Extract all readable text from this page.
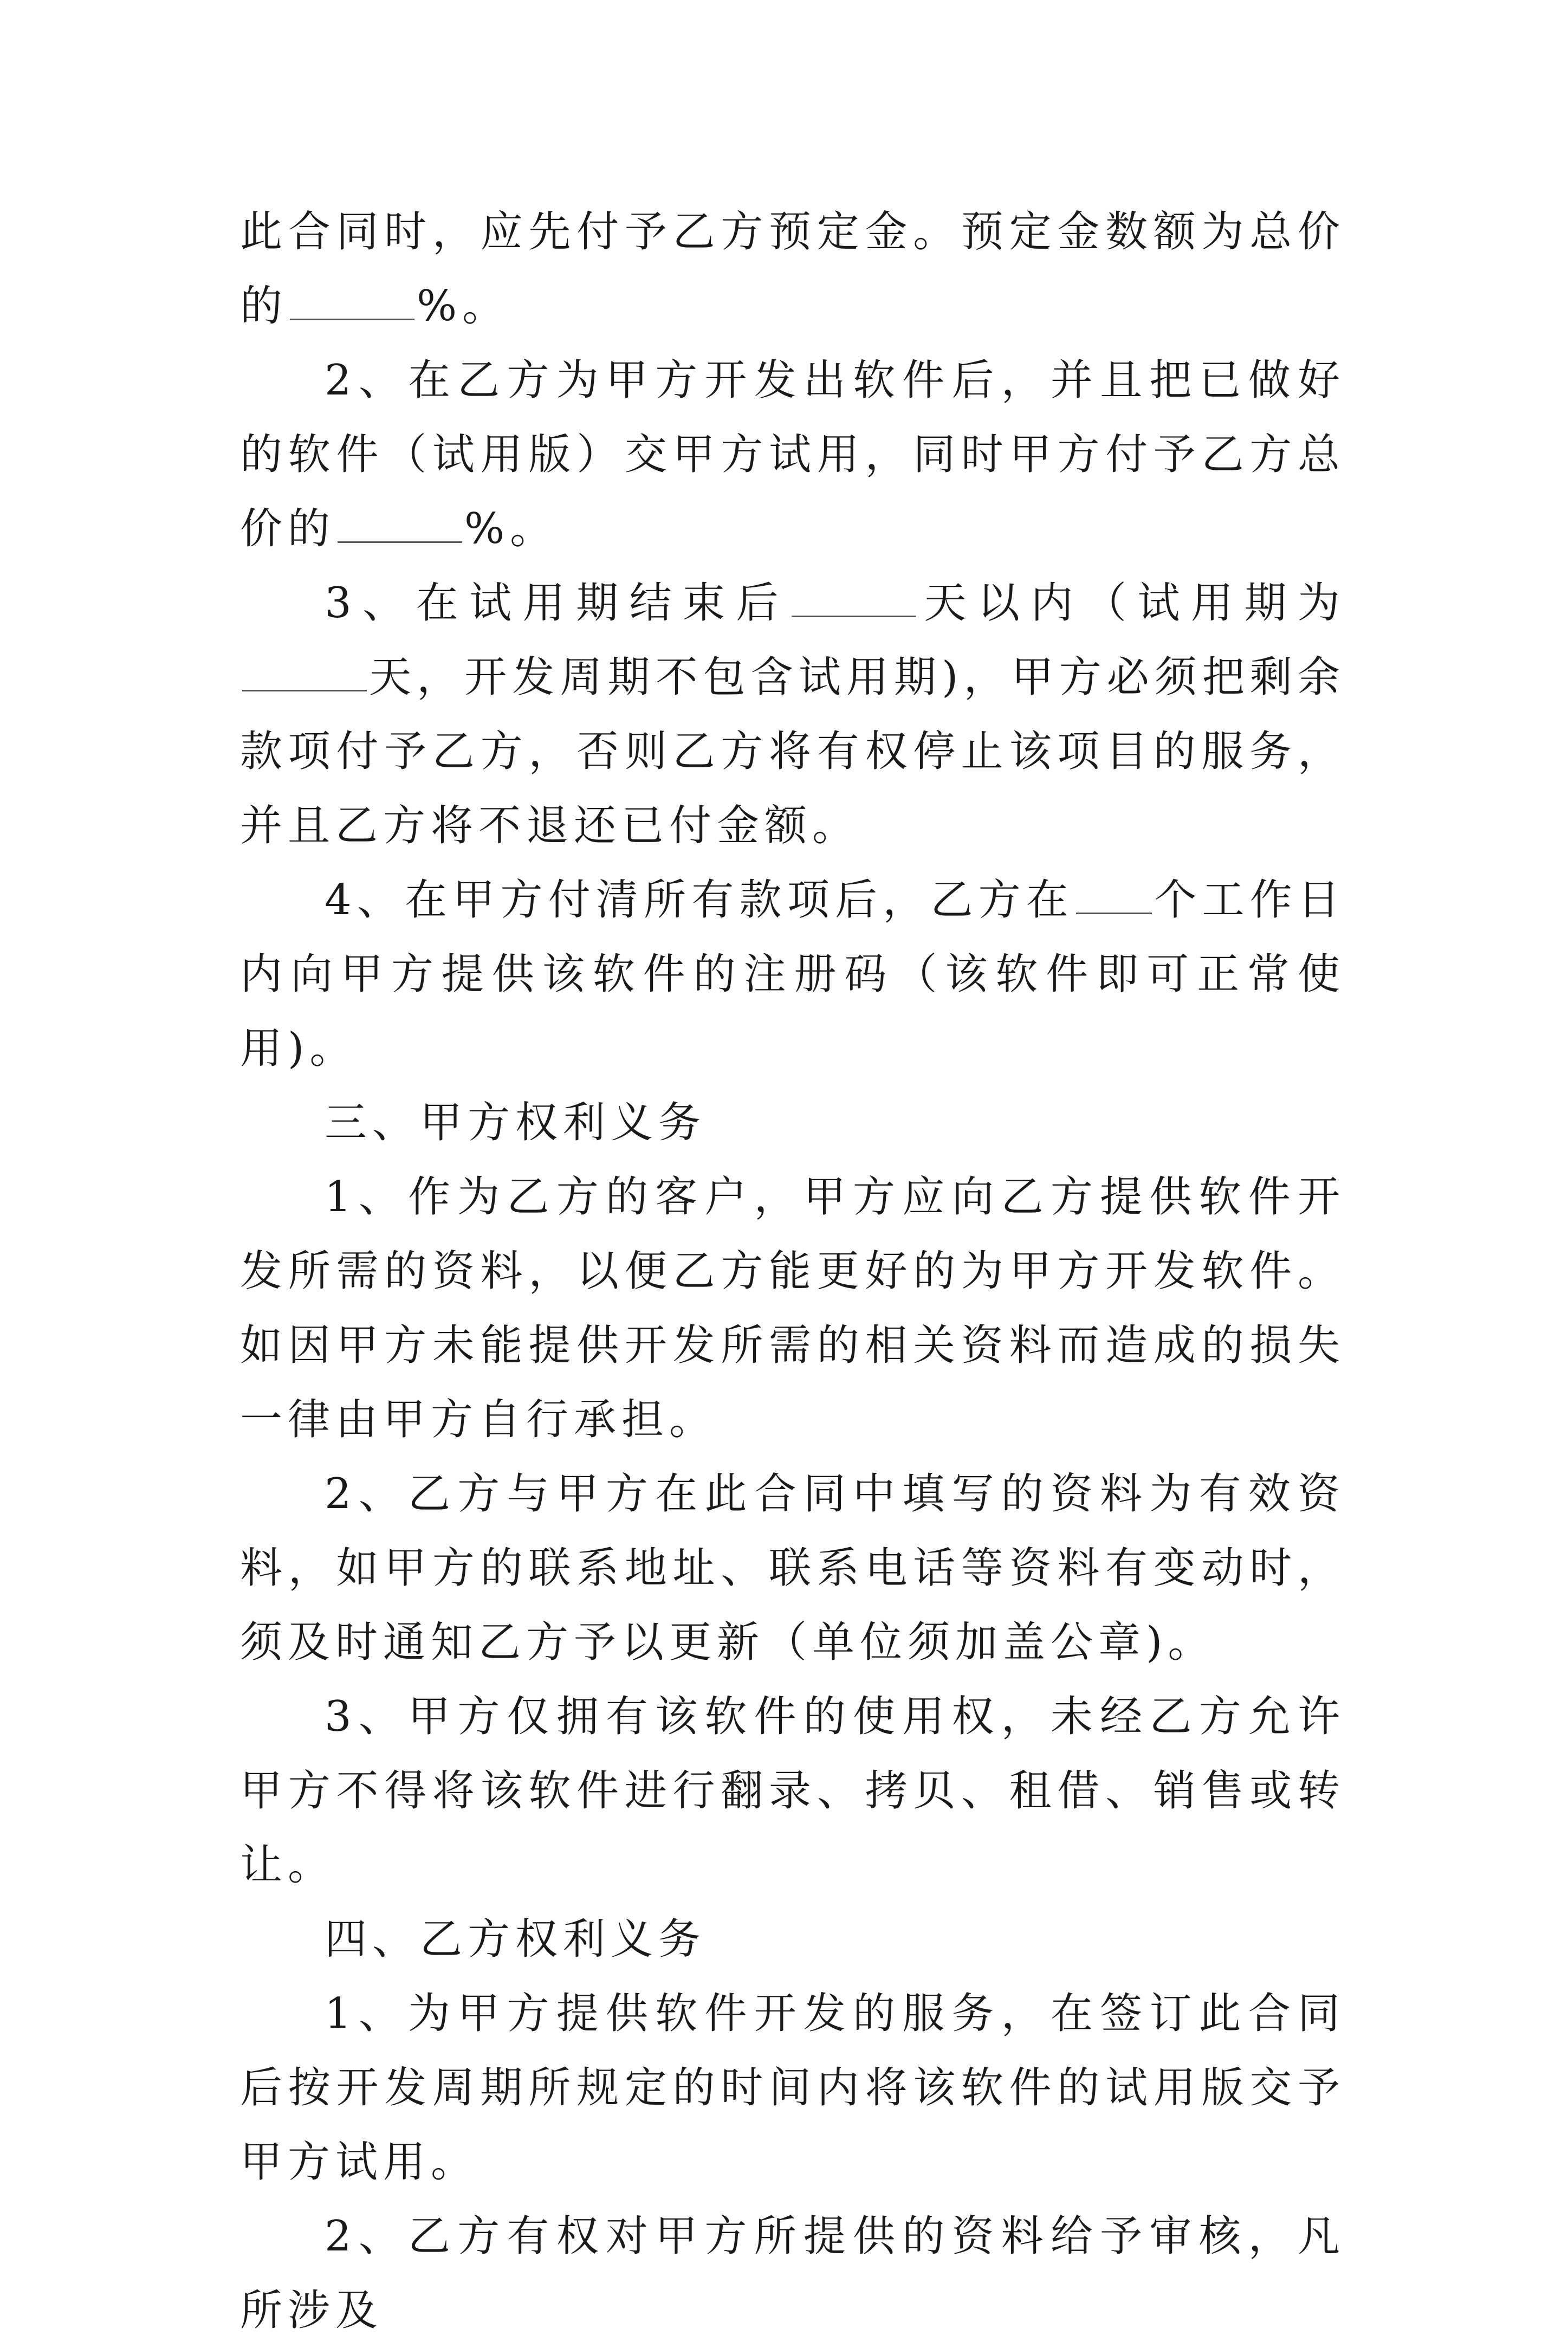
此合同时，应先付予乙方预定金。预定金数额为总价的	%。

2、在乙方为甲方开发出软件后，并且把已做好的软件（试用版）交甲方试用，同时甲方付予乙方总价的	%。

3、在试用期结束后	天以内（试用期为天，开发周期不包含试用期)，甲方必须把剩余款项付予乙方，否则乙方将有权停止该项目的服务，并且乙方将不退还已付金额。

4、在甲方付清所有款项后，乙方在 个工作日内向甲方提供该软件的注册码（该软件即可正常使用)。

三、甲方权利义务

1、作为乙方的客户，甲方应向乙方提供软件开发所需的资料，以便乙方能更好的为甲方开发软件。如因甲方未能提供开发所需的相关资料而造成的损失一律由甲方自行承担。

2、乙方与甲方在此合同中填写的资料为有效资料，如甲方的联系地址、联系电话等资料有变动时，须及时通知乙方予以更新（单位须加盖公章)。

3、甲方仅拥有该软件的使用权，未经乙方允许甲方不得将该软件进行翻录、拷贝、租借、销售或转让。

四、乙方权利义务

1、为甲方提供软件开发的服务，在签订此合同后按开发周期所规定的时间内将该软件的试用版交予甲方试用。

2、乙方有权对甲方所提供的资料给予审核，凡所涉及
